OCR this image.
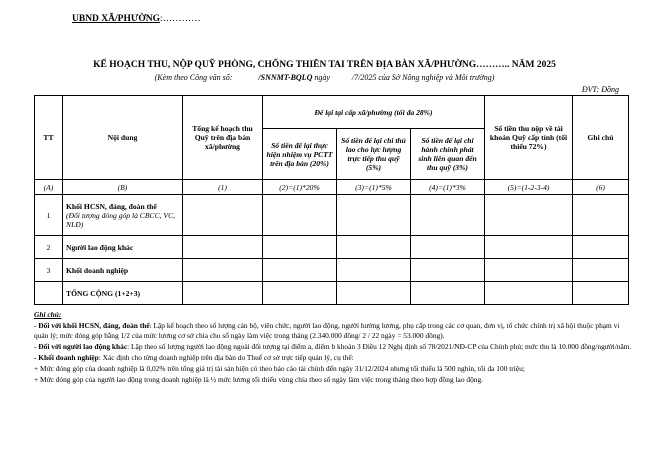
UBND XÃ/PHƯỜNG:…………
KẾ HOẠCH THU, NỘP QUỸ PHÒNG, CHỐNG THIÊN TAI TRÊN ĐỊA BÀN XÃ/PHƯỜNG……….. NĂM 2025
(Kèm theo Công văn số:	/SNNMT-BQLQ ngày	/7/2025 của Sở Nông nghiệp và Môi trường)
ĐVT: Đồng
TT	Nội dung	Tổng kế hoạch thu Quỹ trên địa bàn xã/phường	Để lại tại cấp xã/phường (tối đa 28%)			Số tiền thu nộp về tài khoản Quỹ cấp tỉnh (tối thiểu 72%)	Ghi chú
			Số tiền để lại thực hiện nhiệm vụ PCTT trên địa bàn (20%)	Số tiền để lại chi thù lao cho lực lượng trực tiếp thu quỹ (5%)	Số tiền để lại chi hành chính phát sinh liên quan đến thu quỹ (3%)		
(A)	(B)	(1)	(2)=(1)*20%	(3)=(1)*5%	(4)=(1)*3%	(5)=(1-2-3-4)	(6)
1	Khối HCSN, đảng, đoàn thể
(Đối tượng đóng góp là CBCC, VC, NLĐ)						

2	Người lao động khác						
3	Khối doanh nghiệp						
	TỔNG CỘNG (1+2+3)						

Ghi chú:

- Đối với khối HCSN, đảng, đoàn thể: Lập kế hoạch theo số lượng cán bộ, viên chức, người lao động, người hưởng lương, phụ cấp trong các cơ quan, đơn vị, tổ chức chính trị xã hội thuộc phạm vi quản lý; mức đóng góp bằng 1/2 của mức lương cơ sở chia cho số ngày làm việc trong tháng (2.340.000 đồng/ 2 / 22 ngày = 53.000 đồng).

- Đối với người lao động khác: Lập theo số lượng người lao động ngoài đối tượng tại điểm a, điểm b khoản 3 Điều 12 Nghị định số 78/2021/NĐ-CP của Chính phủ; mức thu là 10.000 đồng/người/năm.

- Khối doanh nghiệp: Xác định cho từng doanh nghiệp trên địa bàn do Thuế cơ sở trực tiếp quản lý, cụ thể:

+ Mức đóng góp của doanh nghiệp là 0,02% trên tổng giá trị tài sản hiện có theo báo cáo tài chính đến ngày 31/12/2024 nhưng tối thiểu là 500 nghìn, tối đa 100 triệu;

+ Mức đóng góp của người lao động trong doanh nghiệp là ½ mức lương tối thiểu vùng chia theo số ngày làm việc trong tháng theo hợp đồng lao động.
